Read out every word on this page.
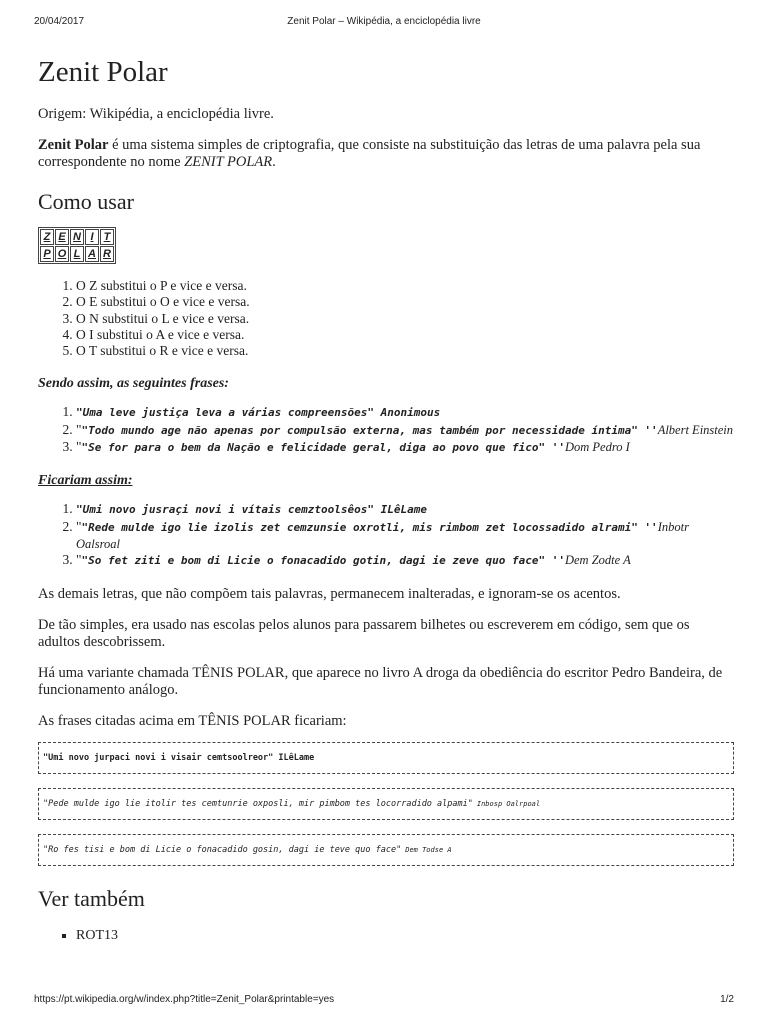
20/04/2017	Zenit Polar – Wikipédia, a enciclopédia livre
Zenit Polar

Origem: Wikipédia, a enciclopédia livre.

Zenit Polar é uma sistema simples de criptografia, que consiste na substituição das letras de uma palavra pela sua correspondente no nome ZENIT POLAR.

Como usar
Z	E	N	I	T
P	O	L	A	R
1. O Z substitui o P e vice e versa.
2. O E substitui o O e vice e versa.
3. O N substitui o L e vice e versa.
4. O I substitui o A e vice e versa.
5. O T substitui o R e vice e versa.

Sendo assim, as seguintes frases:

1. "Uma leve justiça leva a várias compreensões" Anonimous
2. ""Todo mundo age não apenas por compulsão externa, mas também por necessidade íntima" ''Albert Einstein
3. ""Se for para o bem da Nação e felicidade geral, diga ao povo que fico" ''Dom Pedro I

Ficariam assim:

1. "Umi novo jusraçi novi i vítais cemztoolsêos" ILêLame
2. ""Rede mulde igo lie izolis zet cemzunsie oxrotli, mis rimbom zet locossadido alrami" ''Inbotr Oalsroal
3. ""So fet ziti e bom di Licie o fonacadido gotin, dagi ie zeve quo face" ''Dem Zodte A

As demais letras, que não compõem tais palavras, permanecem inalteradas, e ignoram-se os acentos.

De tão simples, era usado nas escolas pelos alunos para passarem bilhetes ou escreverem em código, sem que os adultos descobrissem.

Há uma variante chamada TÊNIS POLAR, que aparece no livro A droga da obediência do escritor Pedro Bandeira, de funcionamento análogo.

As frases citadas acima em TÊNIS POLAR ficariam:

"Umi novo jurpaci novi i visair cemtsoolreor" ILêLame
"Pede mulde igo lie itolir tes cemtunrie oxposli, mir pimbom tes locorradido alpami" Inbosp Oalrpoal
"Ro fes tisi e bom di Licie o fonacadido gosin, dagi ie teve quo face" Dem Todse A
Ver também
▪ ROT13
https://pt.wikipedia.org/w/index.php?title=Zenit_Polar&printable=yes	1/2
